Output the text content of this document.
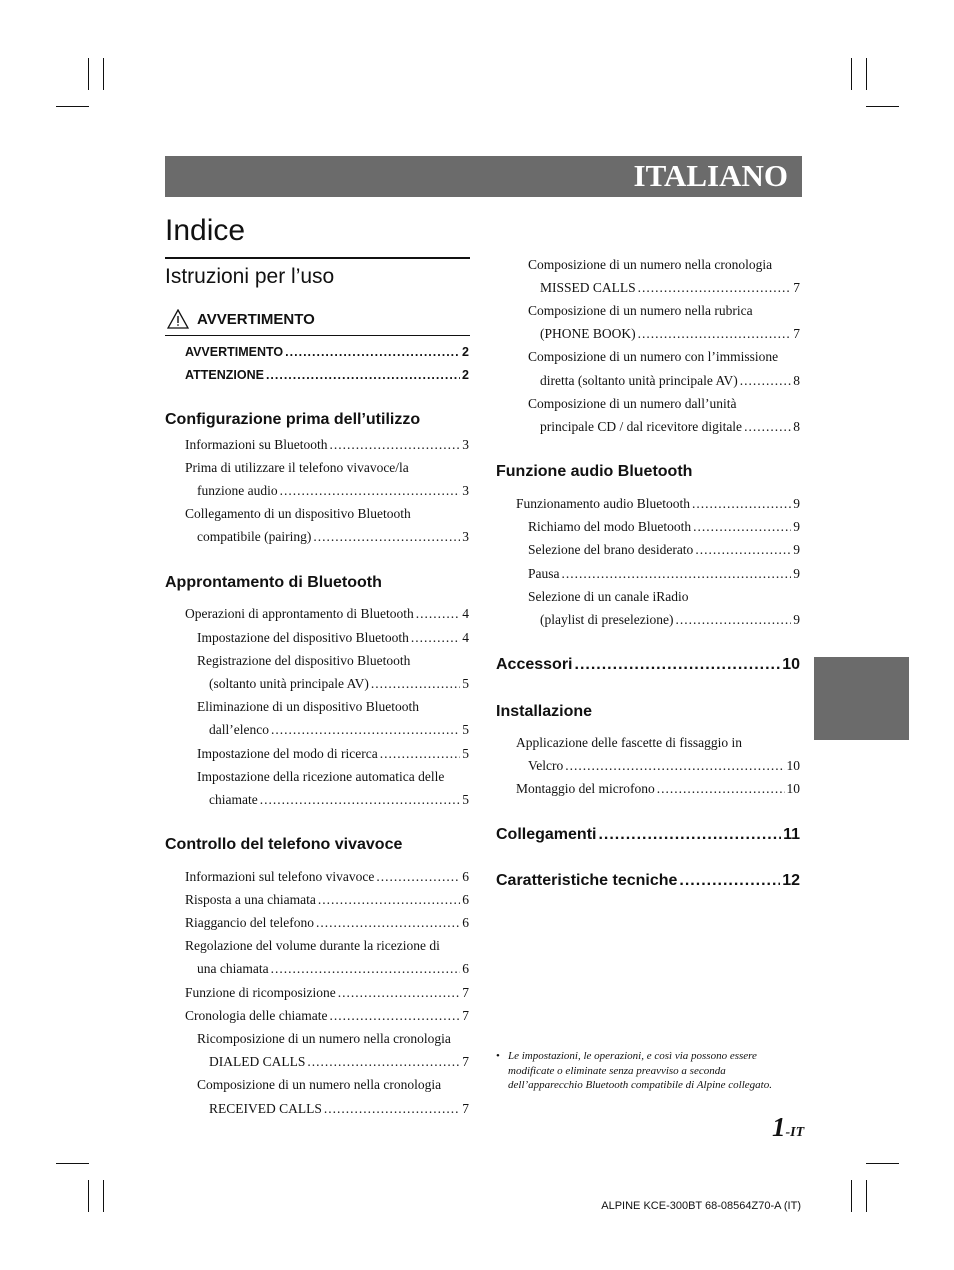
ITALIANO
Indice
Istruzioni per l’uso
AVVERTIMENTO
AVVERTIMENTO .....	2
ATTENZIONE .....	2
Configurazione prima dell’utilizzo
Informazioni su Bluetooth .....	3
Prima di utilizzare il telefono vivavoce/la
funzione audio .....	3
Collegamento di un dispositivo Bluetooth
compatibile (pairing) .....	3
Approntamento di Bluetooth
Operazioni di approntamento di Bluetooth .....	4
Impostazione del dispositivo Bluetooth .....	4
Registrazione del dispositivo Bluetooth
(soltanto unità principale AV) .....	5
Eliminazione di un dispositivo Bluetooth
dall’elenco .....	5
Impostazione del modo di ricerca .....	5
Impostazione della ricezione automatica delle
chiamate .....	5
Controllo del telefono vivavoce
Informazioni sul telefono vivavoce .....	6
Risposta a una chiamata .....	6
Riaggancio del telefono .....	6
Regolazione del volume durante la ricezione di
una chiamata .....	6
Funzione di ricomposizione .....	7
Cronologia delle chiamate .....	7
Ricomposizione di un numero nella cronologia
DIALED CALLS .....	7
Composizione di un numero nella cronologia
RECEIVED CALLS .....	7
Composizione di un numero nella cronologia
MISSED CALLS .....	7
Composizione di un numero nella rubrica
(PHONE BOOK) .....	7
Composizione di un numero con l’immissione
diretta (soltanto unità principale AV) .....	8
Composizione di un numero dall’unità
principale CD / dal ricevitore digitale .....	8
Funzione audio Bluetooth
Funzionamento audio Bluetooth .....	9
Richiamo del modo Bluetooth .....	9
Selezione del brano desiderato .....	9
Pausa .....	9
Selezione di un canale iRadio
(playlist di preselezione) .....	9
Accessori .....	10
Installazione
Applicazione delle fascette di fissaggio in
Velcro .....	10
Montaggio del microfono .....	10
Collegamenti .....	11
Caratteristiche tecniche .....	12
• Le impostazioni, le operazioni, e così via possono essere modificate o eliminate senza preavviso a seconda dell’apparecchio Bluetooth compatibile di Alpine collegato.
1-IT
ALPINE KCE-300BT 68-08564Z70-A (IT)
